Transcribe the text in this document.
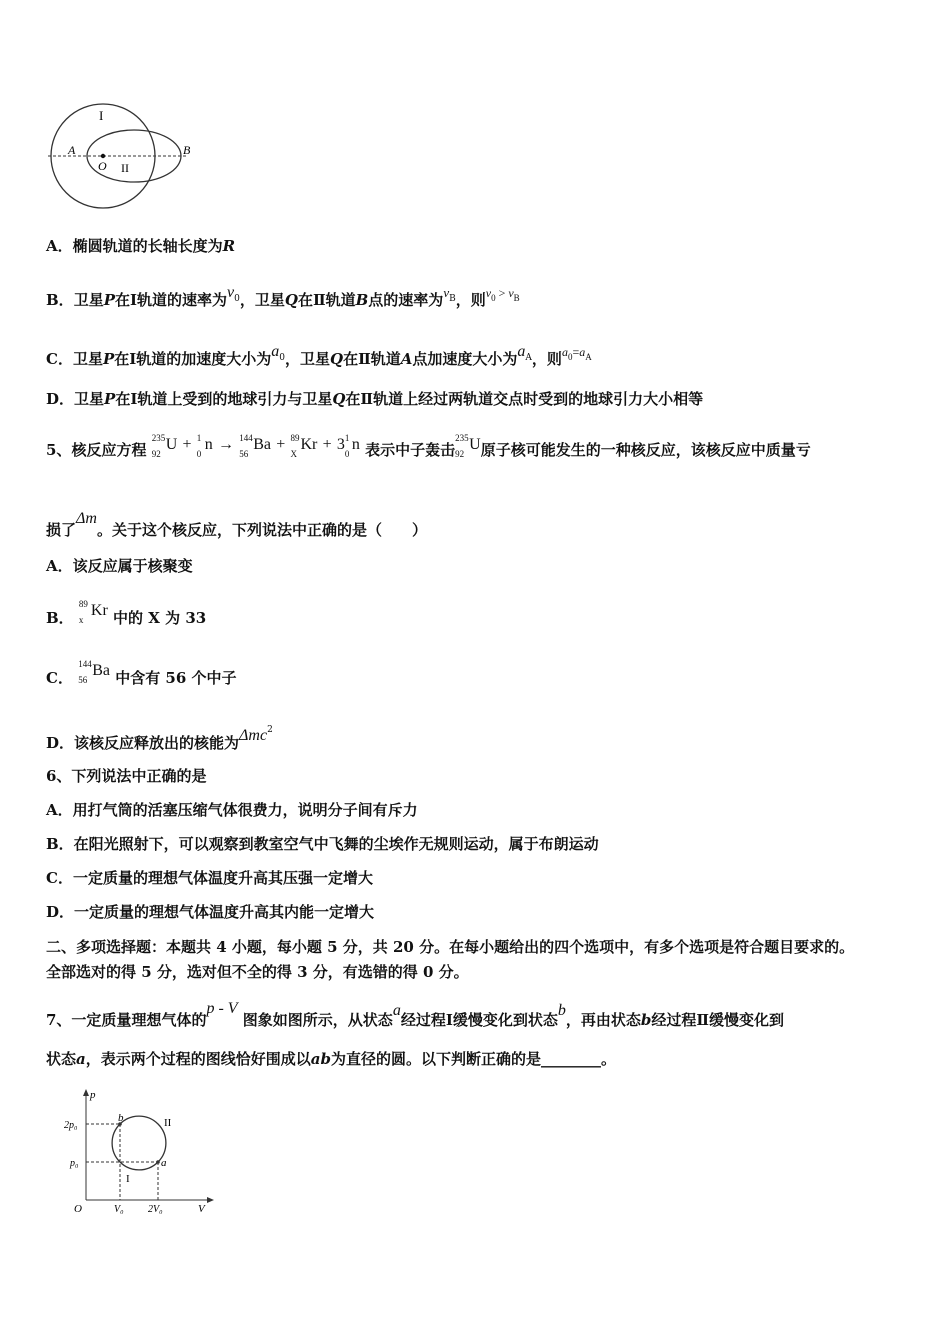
I
II
A	B
O
A．椭圆轨道的长轴长度为R
B．卫星P在Ⅰ轨道的速率为$v^0$，卫星Q在Ⅱ轨道B点的速率为$v^B$，则$^{v_0 > v_B}$
C．卫星P在Ⅰ轨道的加速度大小为$a^0$，卫星Q在Ⅱ轨道A点加速度大小为$a^A$，则$^{a_0=a_A}$
D．卫星P在Ⅰ轨道上受到的地球引力与卫星Q在Ⅱ轨道上经过两轨道交点时受到的地球引力大小相等
5、核反应方程
235
92
U + 1
0
n → 144
56
Ba + 89
X
Kr + 3 1
0
n 表示中子轰击
235
92
U原子核可能发生的一种核反应，该核反应中质量亏
损了Δm。关于这个核反应，下列说法中正确的是（　　）
A．该反应属于核聚变
B．
89
x
Kr 中的 X 为 33
C．
144
56
Ba 中含有 56 个中子
D．该核反应释放出的核能为Δmc$^2$
6、下列说法中正确的是
A．用打气筒的活塞压缩气体很费力，说明分子间有斥力
B．在阳光照射下，可以观察到教室空气中飞舞的尘埃作无规则运动，属于布朗运动
C．一定质量的理想气体温度升高其压强一定增大
D．一定质量的理想气体温度升高其内能一定增大
二、多项选择题：本题共 4 小题，每小题 5 分，共 20 分。在每小题给出的四个选项中，有多个选项是符合题目要求的。
全部选对的得 5 分，选对但不全的得 3 分，有选错的得 0 分。
7、一定质量理想气体的p - V 图象如图所示，从状态a经过程Ⅰ缓慢变化到状态b，再由状态b经过程Ⅱ缓慢变化到
状态a，表示两个过程的图线恰好围成以ab为直径的圆。以下判断正确的是________。
p
V
O
2p₀
p₀
V₀ 2V₀
a
b
I
II
